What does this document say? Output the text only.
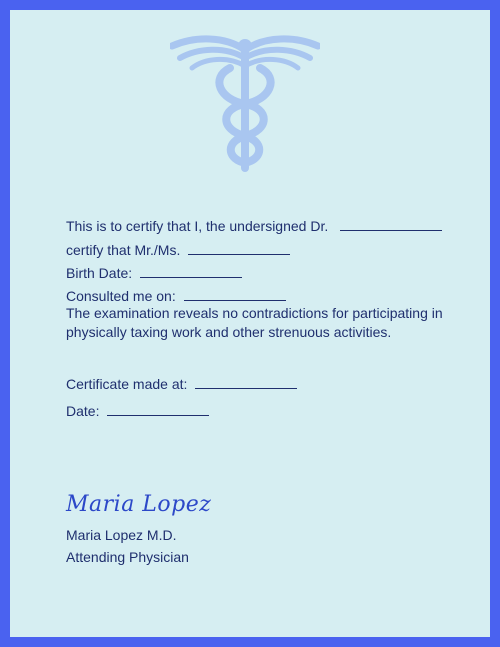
This is to certify that I, the undersigned Dr.
certify that Mr./Ms.
Birth Date:
Consulted me on:
The examination reveals no contradictions for participating in physically taxing work and other strenuous activities.
Certificate made at:
Date:
Maria Lopez
Maria Lopez M.D.
Attending Physician
